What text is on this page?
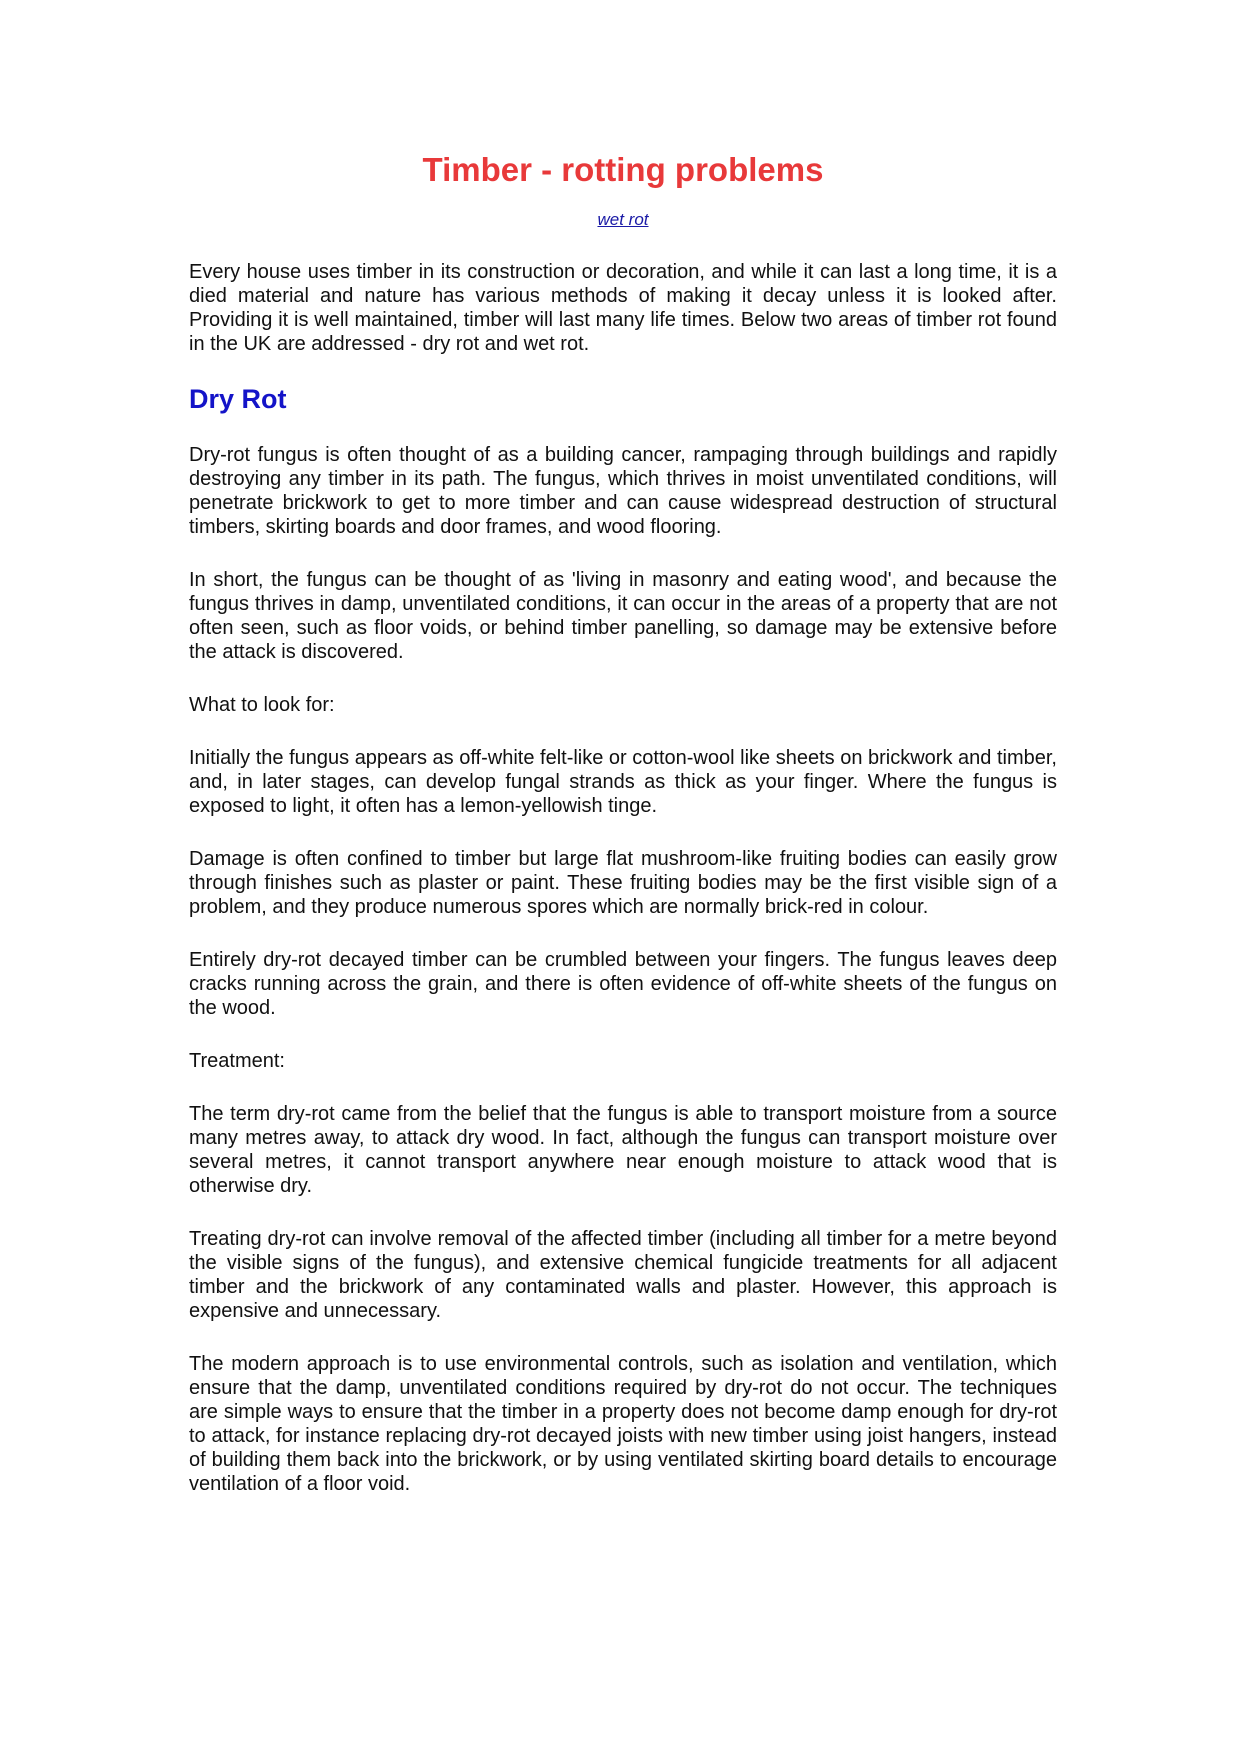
Timber - rotting problems
wet rot

Every house uses timber in its construction or decoration, and while it can last a long time, it is a died material and nature has various methods of making it decay unless it is looked after. Providing it is well maintained, timber will last many life times. Below two areas of timber rot found in the UK are addressed - dry rot and wet rot.

Dry Rot

Dry-rot fungus is often thought of as a building cancer, rampaging through buildings and rapidly destroying any timber in its path. The fungus, which thrives in moist unventilated conditions, will penetrate brickwork to get to more timber and can cause widespread destruction of structural timbers, skirting boards and door frames, and wood flooring.

In short, the fungus can be thought of as 'living in masonry and eating wood', and because the fungus thrives in damp, unventilated conditions, it can occur in the areas of a property that are not often seen, such as floor voids, or behind timber panelling, so damage may be extensive before the attack is discovered.

What to look for:

Initially the fungus appears as off-white felt-like or cotton-wool like sheets on brickwork and timber, and, in later stages, can develop fungal strands as thick as your finger. Where the fungus is exposed to light, it often has a lemon-yellowish tinge.

Damage is often confined to timber but large flat mushroom-like fruiting bodies can easily grow through finishes such as plaster or paint. These fruiting bodies may be the first visible sign of a problem, and they produce numerous spores which are normally brick-red in colour.

Entirely dry-rot decayed timber can be crumbled between your fingers. The fungus leaves deep cracks running across the grain, and there is often evidence of off-white sheets of the fungus on the wood.

Treatment:

The term dry-rot came from the belief that the fungus is able to transport moisture from a source many metres away, to attack dry wood. In fact, although the fungus can transport moisture over several metres, it cannot transport anywhere near enough moisture to attack wood that is otherwise dry.

Treating dry-rot can involve removal of the affected timber (including all timber for a metre beyond the visible signs of the fungus), and extensive chemical fungicide treatments for all adjacent timber and the brickwork of any contaminated walls and plaster. However, this approach is expensive and unnecessary.

The modern approach is to use environmental controls, such as isolation and ventilation, which ensure that the damp, unventilated conditions required by dry-rot do not occur. The techniques are simple ways to ensure that the timber in a property does not become damp enough for dry-rot to attack, for instance replacing dry-rot decayed joists with new timber using joist hangers, instead of building them back into the brickwork, or by using ventilated skirting board details to encourage ventilation of a floor void.
